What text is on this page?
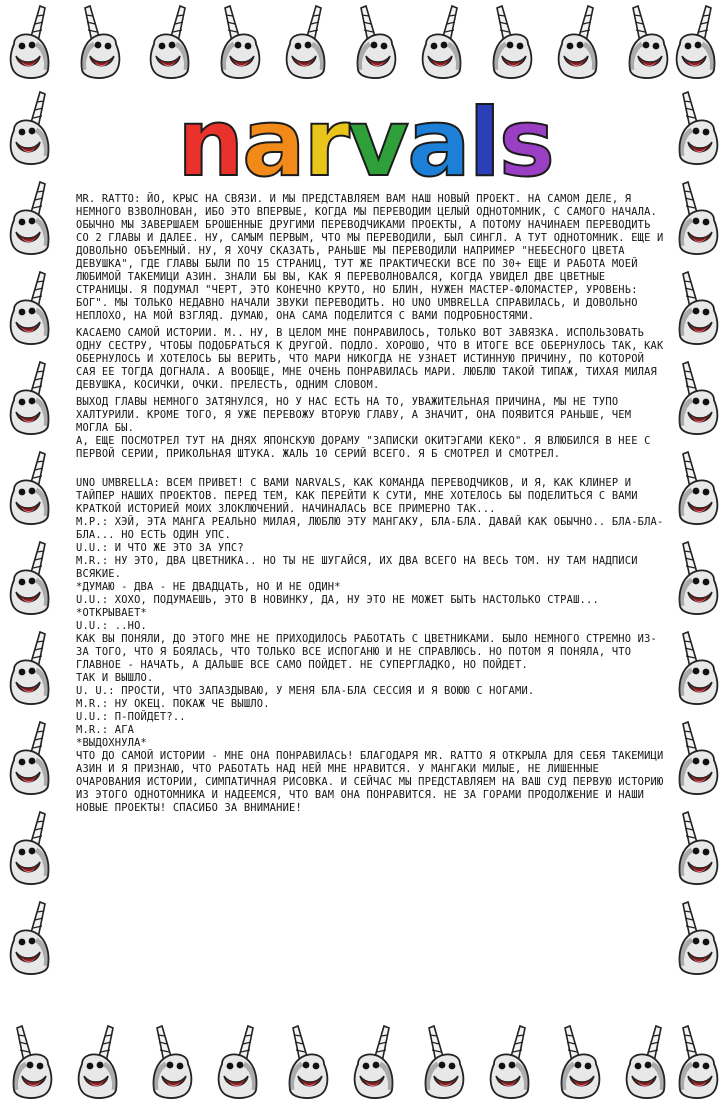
narvals

MR. RATTO: ЙО, КРЫС НА СВЯЗИ. И МЫ ПРЕДСТАВЛЯЕМ ВАМ НАШ НОВЫЙ ПРОЕКТ. НА САМОМ ДЕЛЕ, Я НЕМНОГО ВЗВОЛНОВАН, ИБО ЭТО ВПЕРВЫЕ, КОГДА МЫ ПЕРЕВОДИМ ЦЕЛЫЙ ОДНОТОМНИК, С САМОГО НАЧАЛА. ОБЫЧНО МЫ ЗАВЕРШАЕМ БРОШЕННЫЕ ДРУГИМИ ПЕРЕВОДЧИКАМИ ПРОЕКТЫ, А ПОТОМУ НАЧИНАЕМ ПЕРЕВОДИТЬ СО 2 ГЛАВЫ И ДАЛЕЕ. НУ, САМЫМ ПЕРВЫМ, ЧТО МЫ ПЕРЕВОДИЛИ, БЫЛ СИНГЛ. А ТУТ ОДНОТОМНИК. ЕЩЕ И ДОВОЛЬНО ОБЪЕМНЫЙ. НУ, Я ХОЧУ СКАЗАТЬ, РАНЬШЕ МЫ ПЕРЕВОДИЛИ НАПРИМЕР "НЕБЕСНОГО ЦВЕТА ДЕВУШКА", ГДЕ ГЛАВЫ БЫЛИ ПО 15 СТРАНИЦ, ТУТ ЖЕ ПРАКТИЧЕСКИ ВСЕ ПО 30+ ЕЩЕ И РАБОТА МОЕЙ ЛЮБИМОЙ ТАКЕМИЦИ АЗИН. ЗНАЛИ БЫ ВЫ, КАК Я ПЕРЕВОЛНОВАЛСЯ, КОГДА УВИДЕЛ ДВЕ ЦВЕТНЫЕ СТРАНИЦЫ. Я ПОДУМАЛ "ЧЕРТ, ЭТО КОНЕЧНО КРУТО, НО БЛИН, НУЖЕН МАСТЕР-ФЛОМАСТЕР, УРОВЕНЬ: БОГ". МЫ ТОЛЬКО НЕДАВНО НАЧАЛИ ЗВУКИ ПЕРЕВОДИТЬ. НО UNO UMBRELLA СПРАВИЛАСЬ, И ДОВОЛЬНО НЕПЛОХО, НА МОЙ ВЗГЛЯД. ДУМАЮ, ОНА САМА ПОДЕЛИТСЯ С ВАМИ ПОДРОБНОСТЯМИ.

КАСАЕМО САМОЙ ИСТОРИИ. М.. НУ, В ЦЕЛОМ МНЕ ПОНРАВИЛОСЬ, ТОЛЬКО ВОТ ЗАВЯЗКА. ИСПОЛЬЗОВАТЬ ОДНУ СЕСТРУ, ЧТОБЫ ПОДОБРАТЬСЯ К ДРУГОЙ. ПОДЛО. ХОРОШО, ЧТО В ИТОГЕ ВСЕ ОБЕРНУЛОСЬ ТАК, КАК ОБЕРНУЛОСЬ И ХОТЕЛОСЬ БЫ ВЕРИТЬ, ЧТО МАРИ НИКОГДА НЕ УЗНАЕТ ИСТИННУЮ ПРИЧИНУ, ПО КОТОРОЙ САЯ ЕЕ ТОГДА ДОГНАЛА. А ВООБЩЕ, МНЕ ОЧЕНЬ ПОНРАВИЛАСЬ МАРИ. ЛЮБЛЮ ТАКОЙ ТИПАЖ, ТИХАЯ МИЛАЯ ДЕВУШКА, КОСИЧКИ, ОЧКИ. ПРЕЛЕСТЬ, ОДНИМ СЛОВОМ.

ВЫХОД ГЛАВЫ НЕМНОГО ЗАТЯНУЛСЯ, НО У НАС ЕСТЬ НА ТО, УВАЖИТЕЛЬНАЯ ПРИЧИНА, МЫ НЕ ТУПО ХАЛТУРИЛИ. КРОМЕ ТОГО, Я УЖЕ ПЕРЕВОЖУ ВТОРУЮ ГЛАВУ, А ЗНАЧИТ, ОНА ПОЯВИТСЯ РАНЬШЕ, ЧЕМ МОГЛА БЫ.
А, ЕЩЕ ПОСМОТРЕЛ ТУТ НА ДНЯХ ЯПОНСКУЮ ДОРАМУ "ЗАПИСКИ ОКИТЭГАМИ КЕКО". Я ВЛЮБИЛСЯ В НЕЕ С ПЕРВОЙ СЕРИИ, ПРИКОЛЬНАЯ ШТУКА. ЖАЛЬ 10 СЕРИЙ ВСЕГО. Я Б СМОТРЕЛ И СМОТРЕЛ.

UNO UMBRELLA: ВСЕМ ПРИВЕТ! С ВАМИ NARVALS, КАК КОМАНДА ПЕРЕВОДЧИКОВ, И Я, КАК КЛИНЕР И ТАЙПЕР НАШИХ ПРОЕКТОВ. ПЕРЕД ТЕМ, КАК ПЕРЕЙТИ К СУТИ, МНЕ ХОТЕЛОСЬ БЫ ПОДЕЛИТЬСЯ С ВАМИ КРАТКОЙ ИСТОРИЕЙ МОИХ ЗЛОКЛЮЧЕНИЙ. НАЧИНАЛАСЬ ВСЕ ПРИМЕРНО ТАК...
М.Р.: ХЭЙ, ЭТА МАНГА РЕАЛЬНО МИЛАЯ, ЛЮБЛЮ ЭТУ МАНГАКУ, БЛА-БЛА. ДАВАЙ КАК ОБЫЧНО.. БЛА-БЛА-БЛА... НО ЕСТЬ ОДИН УПС.
U.U.: И ЧТО ЖЕ ЭТО ЗА УПС?
M.R.: НУ ЭТО, ДВА ЦВЕТНИКА.. НО ТЫ НЕ ШУГАЙСЯ, ИХ ДВА ВСЕГО НА ВЕСЬ ТОМ. НУ ТАМ НАДПИСИ ВСЯКИЕ.
*ДУМАЮ - ДВА - НЕ ДВАДЦАТЬ, НО И НЕ ОДИН*
U.U.: ХОХО, ПОДУМАЕШЬ, ЭТО В НОВИНКУ, ДА, НУ ЭТО НЕ МОЖЕТ БЫТЬ НАСТОЛЬКО СТРАШ...
*ОТКРЫВАЕТ*
U.U.: ..НО.
КАК ВЫ ПОНЯЛИ, ДО ЭТОГО МНЕ НЕ ПРИХОДИЛОСЬ РАБОТАТЬ С ЦВЕТНИКАМИ. БЫЛО НЕМНОГО СТРЕМНО ИЗ-ЗА ТОГО, ЧТО Я БОЯЛАСЬ, ЧТО ТОЛЬКО ВСЕ ИСПОГАНЮ И НЕ СПРАВЛЮСЬ. НО ПОТОМ Я ПОНЯЛА, ЧТО ГЛАВНОЕ - НАЧАТЬ, А ДАЛЬШЕ ВСЕ САМО ПОЙДЕТ. НЕ СУПЕРГЛАДКО, НО ПОЙДЕТ.
ТАК И ВЫШЛО.
U. U.: ПРОСТИ, ЧТО ЗАПАЗДЫВАЮ, У МЕНЯ БЛА-БЛА СЕССИЯ И Я ВОЮЮ С НОГАМИ.
M.R.: НУ ОКЕЦ. ПОКАЖ ЧЕ ВЫШЛО.
U.U.: П-ПОЙДЕТ?..
M.R.: АГА
*ВЫДОХНУЛА*
ЧТО ДО САМОЙ ИСТОРИИ - МНЕ ОНА ПОНРАВИЛАСЬ! БЛАГОДАРЯ MR. RATTO Я ОТКРЫЛА ДЛЯ СЕБЯ ТАКЕМИЦИ АЗИН И Я ПРИЗНАЮ, ЧТО РАБОТАТЬ НАД НЕЙ МНЕ НРАВИТСЯ. У МАНГАКИ МИЛЫЕ, НЕ ЛИШЕННЫЕ ОЧАРОВАНИЯ ИСТОРИИ, СИМПАТИЧНАЯ РИСОВКА. И СЕЙЧАС МЫ ПРЕДСТАВЛЯЕМ НА ВАШ СУД ПЕРВУЮ ИСТОРИЮ ИЗ ЭТОГО ОДНОТОМНИКА И НАДЕЕМСЯ, ЧТО ВАМ ОНА ПОНРАВИТСЯ. НЕ ЗА ГОРАМИ ПРОДОЛЖЕНИЕ И НАШИ НОВЫЕ ПРОЕКТЫ! СПАСИБО ЗА ВНИМАНИЕ!
